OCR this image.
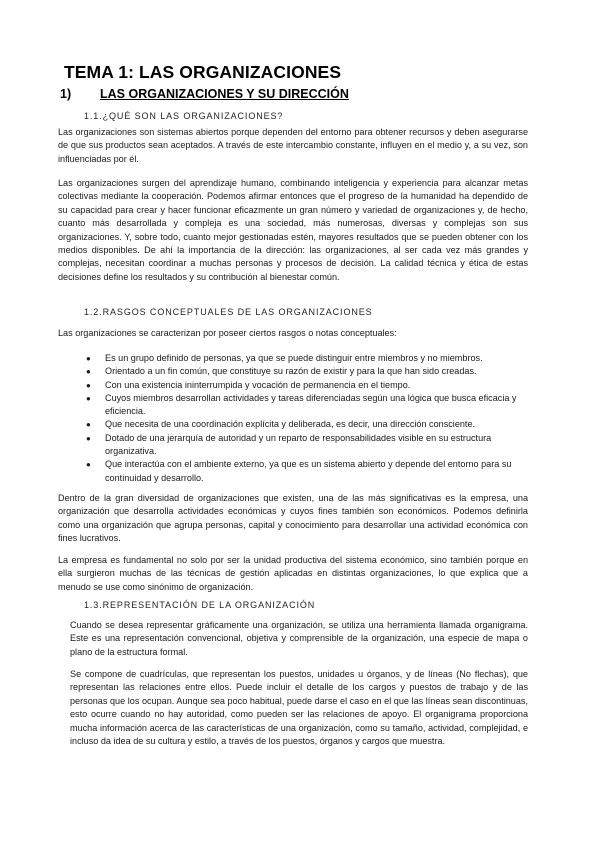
TEMA 1: LAS ORGANIZACIONES
1) LAS ORGANIZACIONES Y SU DIRECCIÓN
1.1.¿QUÉ SON LAS ORGANIZACIONES?

Las organizaciones son sistemas abiertos porque dependen del entorno para obtener recursos y deben asegurarse de que sus productos sean aceptados. A través de este intercambio constante, influyen en el medio y, a su vez, son influenciadas por él.

Las organizaciones surgen del aprendizaje humano, combinando inteligencia y experiencia para alcanzar metas colectivas mediante la cooperación. Podemos afirmar entonces que el progreso de la humanidad ha dependido de su capacidad para crear y hacer funcionar eficazmente un gran número y variedad de organizaciones y, de hecho, cuanto más desarrollada y compleja es una sociedad, más numerosas, diversas y complejas son sus organizaciones. Y, sobre todo, cuanto mejor gestionadas estén, mayores resultados que se pueden obtener con los medios disponibles. De ahí la importancia de la dirección: las organizaciones, al ser cada vez más grandes y complejas, necesitan coordinar a muchas personas y procesos de decisión. La calidad técnica y ética de estas decisiones define los resultados y su contribución al bienestar común.

1.2.RASGOS CONCEPTUALES DE LAS ORGANIZACIONES

Las organizaciones se caracterizan por poseer ciertos rasgos o notas conceptuales:

● Es un grupo definido de personas, ya que se puede distinguir entre miembros y no miembros.
● Orientado a un fin común, que constituye su razón de existir y para la que han sido creadas.
● Con una existencia ininterrumpida y vocación de permanencia en el tiempo.
● Cuyos miembros desarrollan actividades y tareas diferenciadas según una lógica que busca eficacia y eficiencia.
● Que necesita de una coordinación explícita y deliberada, es decir, una dirección consciente.
● Dotado de una jerarquía de autoridad y un reparto de responsabilidades visible en su estructura organizativa.
● Que interactúa con el ambiente externo, ya que es un sistema abierto y depende del entorno para su continuidad y desarrollo.

Dentro de la gran diversidad de organizaciones que existen, una de las más significativas es la empresa, una organización que desarrolla actividades económicas y cuyos fines también son económicos. Podemos definirla como una organización que agrupa personas, capital y conocimiento para desarrollar una actividad económica con fines lucrativos.

La empresa es fundamental no solo por ser la unidad productiva del sistema económico, sino también porque en ella surgieron muchas de las técnicas de gestión aplicadas en distintas organizaciones, lo que explica que a menudo se use como sinónimo de organización.

1.3.REPRESENTACIÓN DE LA ORGANIZACIÓN

Cuando se desea representar gráficamente una organización, se utiliza una herramienta llamada organigrama. Este es una representación convencional, objetiva y comprensible de la organización, una especie de mapa o plano de la estructura formal.

Se compone de cuadrículas, que representan los puestos, unidades u órganos, y de líneas (No flechas), que representan las relaciones entre ellos. Puede incluir el detalle de los cargos y puestos de trabajo y de las personas que los ocupan. Aunque sea poco habitual, puede darse el caso en el que las líneas sean discontinuas, esto ocurre cuando no hay autoridad, como pueden ser las relaciones de apoyo. El organigrama proporciona mucha información acerca de las características de una organización, como su tamaño, actividad, complejidad, e incluso da idea de su cultura y estilo, a través de los puestos, órganos y cargos que muestra.
